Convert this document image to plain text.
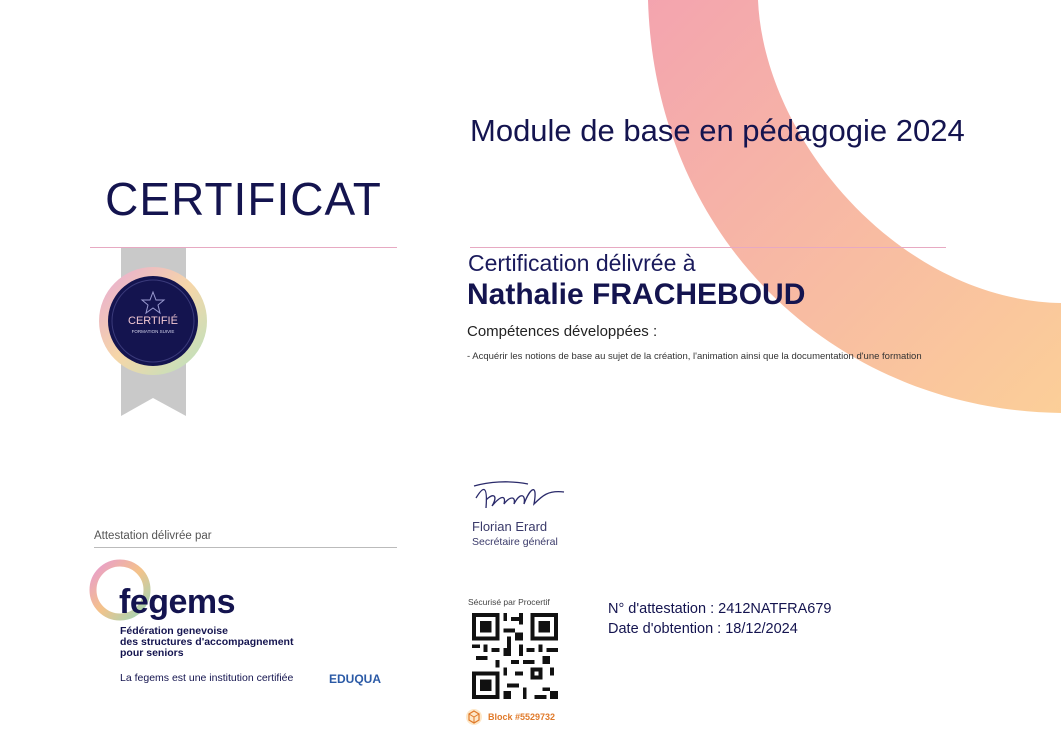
Module de base en pédagogie 2024
CERTIFICAT
CERTIFIÉ
FORMATION SUIVIE
Certification délivrée à
Nathalie FRACHEBOUD
Compétences développées :
- Acquérir les notions de base au sujet de la création, l'animation ainsi que la documentation d'une formation
Florian Erard
Secrétaire général
Attestation délivrée par
fegems
Fédération genevoise
des structures d'accompagnement
pour seniors
La fegems est une institution certifiée	EDUQUA
Sécurisé par Procertif
Block #5529732
N° d'attestation : 2412NATFRA679
Date d'obtention : 18/12/2024
